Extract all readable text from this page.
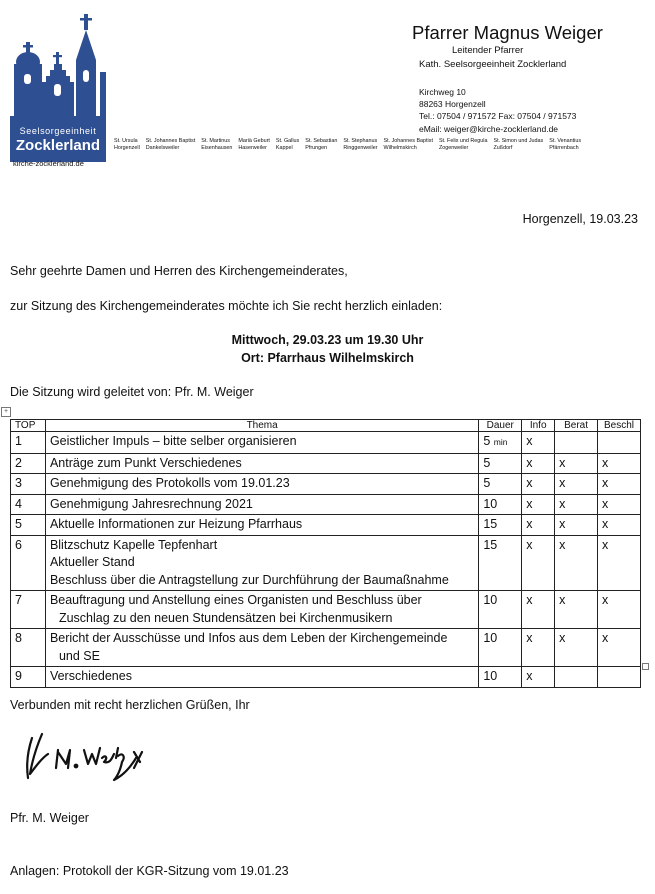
Seelsorgeeinheit
Zocklerland
kirche-zocklerland.de
St. Ursula
Horgenzell
St. Johannes Baptist
Dankelsweiler
St. Martinus
Eisenhausen
Mariä Geburt
Haserweiler
St. Gallus
Kappel
St. Sebastian
Pfrungen
St. Stephanus
Ringgenweiler
St. Johannes Baptist
Wilhelmskirch
St. Felix und Regula
Zogenweiler
St. Simon und Judas
Zußdorf
St. Venantius
Pfärrenbach
Pfarrer Magnus Weiger
Leitender Pfarrer
Kath. Seelsorgeeinheit Zocklerland
Kirchweg 10
88263 Horgenzell
Tel.: 07504 / 971572 Fax: 07504 / 971573
eMail: weiger@kirche-zocklerland.de
Horgenzell, 19.03.23
Sehr geehrte Damen und Herren des Kirchengemeinderates,
zur Sitzung des Kirchengemeinderates möchte ich Sie recht herzlich einladen:
Mittwoch, 29.03.23 um 19.30 Uhr
Ort: Pfarrhaus Wilhelmskirch
Die Sitzung wird geleitet von: Pfr. M. Weiger
+
TOP	Thema	Dauer	Info	Berat	Beschl
1	Geistlicher Impuls – bitte selber organisieren	5 min	x		
2	Anträge zum Punkt Verschiedenes	5	x	x	x
3	Genehmigung des Protokolls vom 19.01.23	5	x	x	x
4	Genehmigung Jahresrechnung 2021	10	x	x	x
5	Aktuelle Informationen zur Heizung Pfarrhaus	15	x	x	x
6	Blitzschutz Kapelle Tepfenhart
Aktueller Stand
Beschluss über die Antragstellung zur Durchführung der Baumaßnahme	15	x	x	x
7	Beauftragung und Anstellung eines Organisten und Beschluss über
Zuschlag zu den neuen Stundensätzen bei Kirchenmusikern	10	x	x	x
8	Bericht der Ausschüsse und Infos aus dem Leben der Kirchengemeinde
und SE	10	x	x	x
9	Verschiedenes	10	x		
Verbunden mit recht herzlichen Grüßen, Ihr
Pfr. M. Weiger
Anlagen: Protokoll der KGR-Sitzung vom 19.01.23
